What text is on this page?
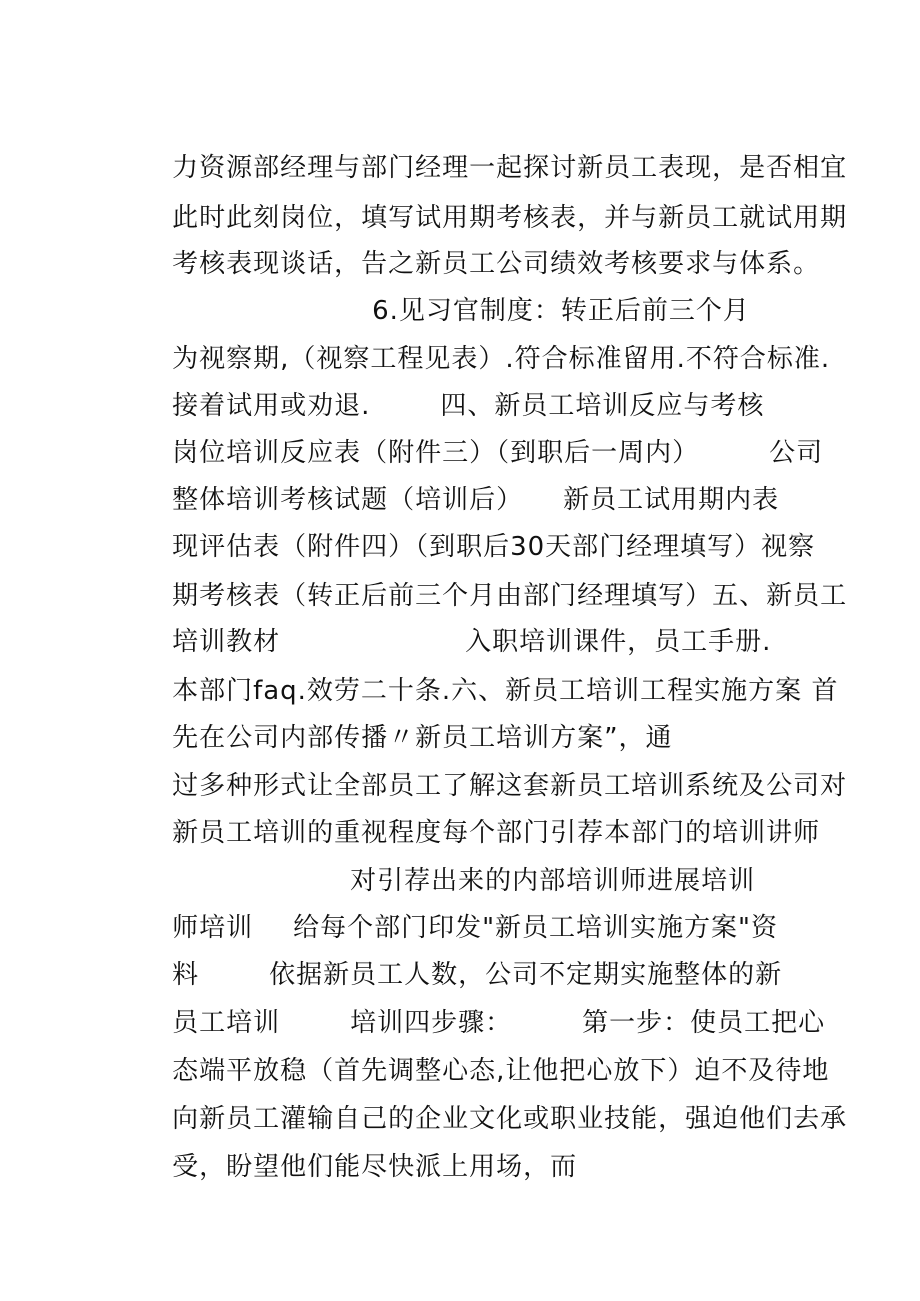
力资源部经理与部门经理一起探讨新员工表现，是否相宜

此时此刻岗位，填写试用期考核表，并与新员工就试用期

考核表现谈话，告之新员工公司绩效考核要求与体系。

6.见习官制度：转正后前三个月

为视察期,（视察工程见表）.符合标准留用.不符合标准.

接着试用或劝退.	四、新员工培训反应与考核

岗位培训反应表（附件三）（到职后一周内）	公司

整体培训考核试题（培训后） 新员工试用期内表

现评估表（附件四）（到职后30天部门经理填写）视察

期考核表（转正后前三个月由部门经理填写）五、新员工

培训教材	入职培训课件，员工手册.

本部门faq.效劳二十条.六、新员工培训工程实施方案 首

先在公司内部传播〃新员工培训方案”，通

过多种形式让全部员工了解这套新员工培训系统及公司对

新员工培训的重视程度每个部门引荐本部门的培训讲师

对引荐出来的内部培训师进展培训

师培训 给每个部门印发"新员工培训实施方案"资

料	依据新员工人数，公司不定期实施整体的新

员工培训	培训四步骤：	第一步：使员工把心

态端平放稳（首先调整心态,让他把心放下）迫不及待地

向新员工灌输自己的企业文化或职业技能，强迫他们去承

受，盼望他们能尽快派上用场，而
